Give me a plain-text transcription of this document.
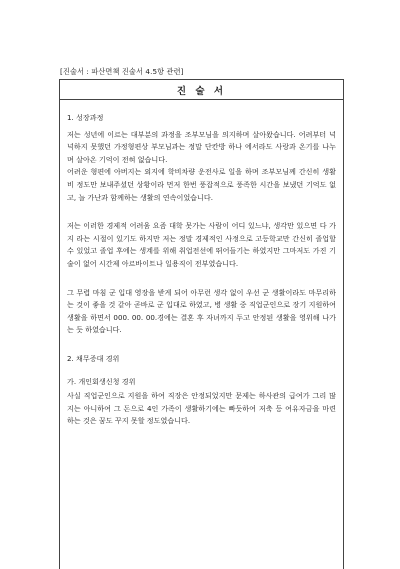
[진술서 : 파산면책 진술서 4.5항 관련]
진 술 서
1. 성장과정

저는 성년에 이르는 대부분의 과정을 조부모님을 의지하며 살아왔습니다. 어려부터 넉넉하지 못했던 가정형편상 부모님과는 정말 단칸방 하나 에서라도 사랑과 온기를 나누며 살아온 기억이 전혀 없습니다.

어려운 형편에 아버지는 외지에 학비차량 운전사로 일을 하며 조부모님께 간신히 생활비 정도만 보내주셨던 상황이라 먼저 한번 풍잡적으로 풍족한 시간을 보냈던 기억도 없고, 늘 가난과 함께하는 생활의 연속이었습니다.

저는 이러한 경제적 어려움 요즘 대학 못가는 사람이 어디 있느냐, 생각만 있으면 다 가지 라는 시절이 있기도 하지만 저는 정말 경제적인 사정으로 고등학교만 간신히 졸업할 수 있었고 졸업 후에는 생계를 위해 취업전선에 뛰어들기는 하였지만 그마저도 가진 기술이 없어 시간제 아르바이트나 일용직이 전부였습니다.

그 무렵 마침 군 입대 영장을 받게 되어 아무런 생각 없이 우선 군 생활이라도 마무리하는 것이 좋을 것 같아 곧바로 군 입대로 하였고, 병 생활 중 직업군인으로 장기 지원하여 생활을 하면서 000. 00. 00.경에는 결혼 후 자녀까지 두고 안정된 생활을 영위해 나가는 듯 하였습니다.

2. 채무증대 경위
가. 개인회생신청 경위

사실 직업군인으로 지원을 하여 직장은 안정되었지만 문제는 하사관의 급여가 그리 많지는 아니하여 그 돈으로 4인 가족이 생활하기에는 빠듯하여 저축 등 여유자금을 마련하는 것은 꿈도 꾸지 못할 정도였습니다.
